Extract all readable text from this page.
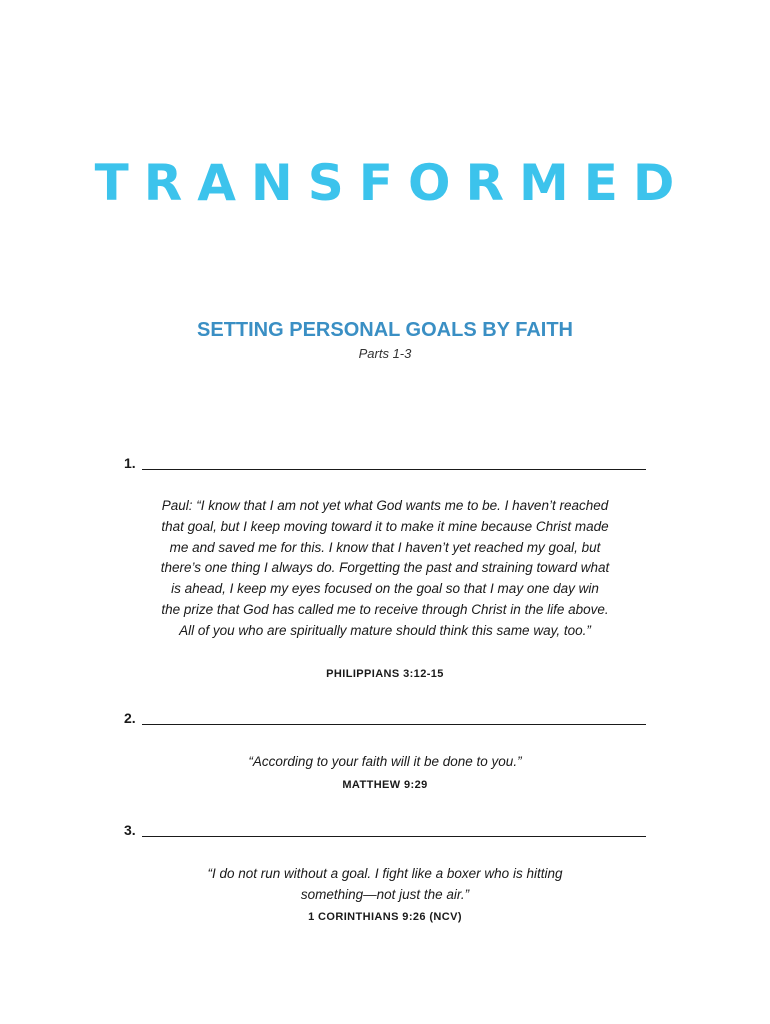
TRANSFORMED
SETTING PERSONAL GOALS BY FAITH
Parts 1-3
1.
Paul: “I know that I am not yet what God wants me to be. I haven’t reached that goal, but I keep moving toward it to make it mine because Christ made me and saved me for this. I know that I haven’t yet reached my goal, but there’s one thing I always do. Forgetting the past and straining toward what is ahead, I keep my eyes focused on the goal so that I may one day win the prize that God has called me to receive through Christ in the life above. All of you who are spiritually mature should think this same way, too.”
PHILIPPIANS 3:12-15
2.
“According to your faith will it be done to you.”
MATTHEW 9:29
3.
“I do not run without a goal. I fight like a boxer who is hitting something—not just the air.”
1 CORINTHIANS 9:26 (NCV)
